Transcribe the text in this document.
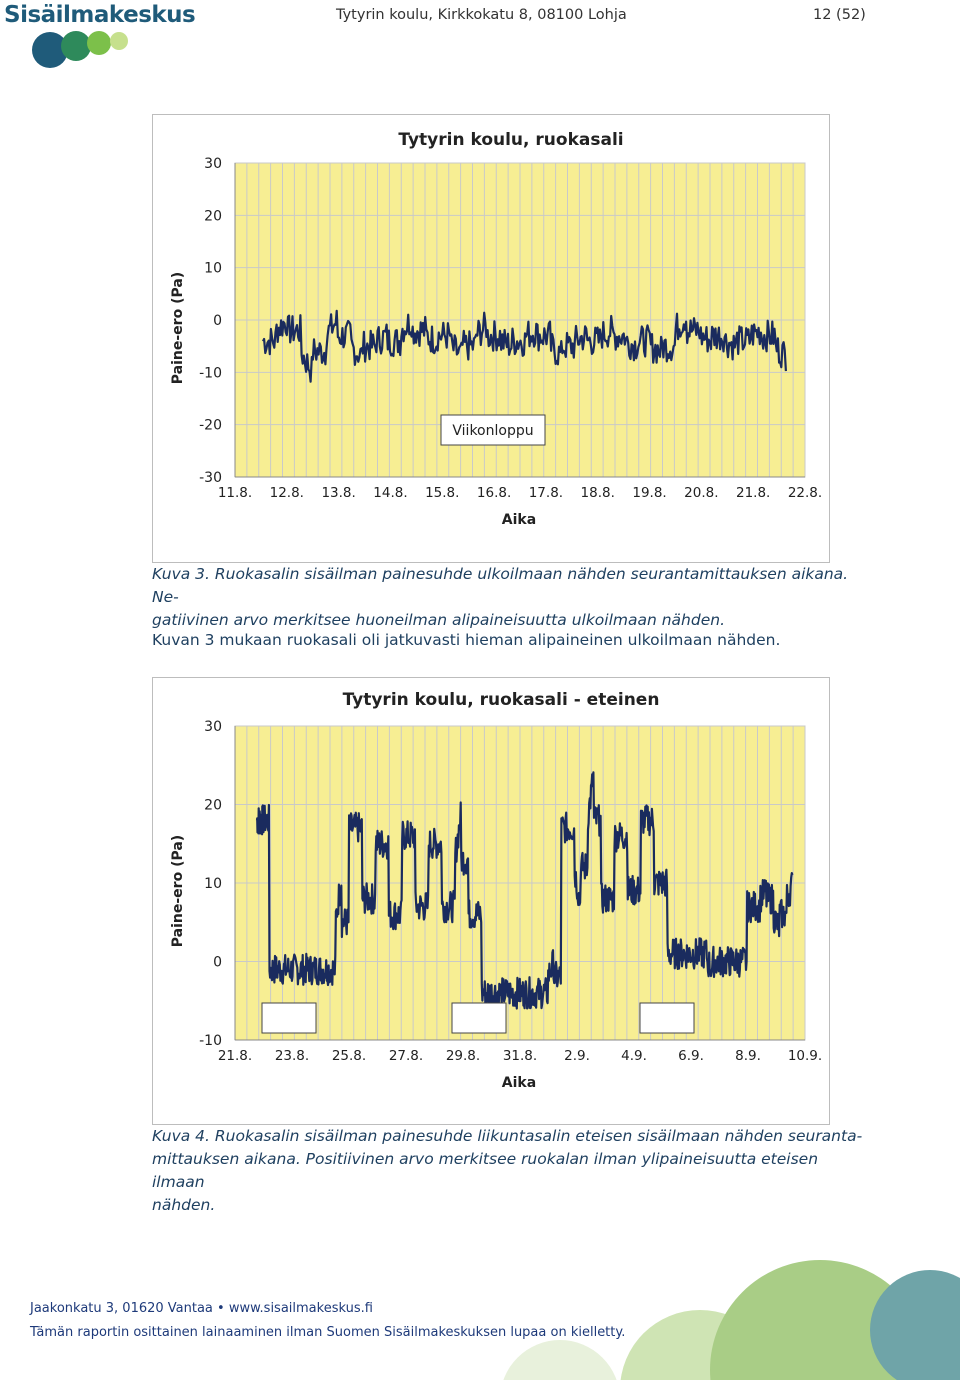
Sisäilmakeskus	Tytyrin koulu, Kirkkokatu 8, 08100 Lohja	12 (52)
Tytyrin koulu, ruokasali
Paine-ero (Pa)
Aika
30
20
10
0
-10
-20
-30
11.8. 12.8. 13.8. 14.8. 15.8. 16.8. 17.8. 18.8. 19.8. 20.8. 21.8. 22.8.
Viikonloppu
Kuva 3. Ruokasalin sisäilman painesuhde ulkoilmaan nähden seurantamittauksen aikana. Ne-
gatiivinen arvo merkitsee huoneilman alipaineisuutta ulkoilmaan nähden.
Kuvan 3 mukaan ruokasali oli jatkuvasti hieman alipaineinen ulkoilmaan nähden.
Tytyrin koulu, ruokasali - eteinen
Paine-ero (Pa)
Aika
30
20
10
0
-10
21.8. 23.8. 25.8. 27.8. 29.8. 31.8. 2.9. 4.9. 6.9. 8.9. 10.9.
Kuva 4. Ruokasalin sisäilman painesuhde liikuntasalin eteisen sisäilmaan nähden seuranta-
mittauksen aikana. Positiivinen arvo merkitsee ruokalan ilman ylipaineisuutta eteisen ilmaan
nähden.
Jaakonkatu 3, 01620 Vantaa • www.sisailmakeskus.fi
Tämän raportin osittainen lainaaminen ilman Suomen Sisäilmakeskuksen lupaa on kielletty.
